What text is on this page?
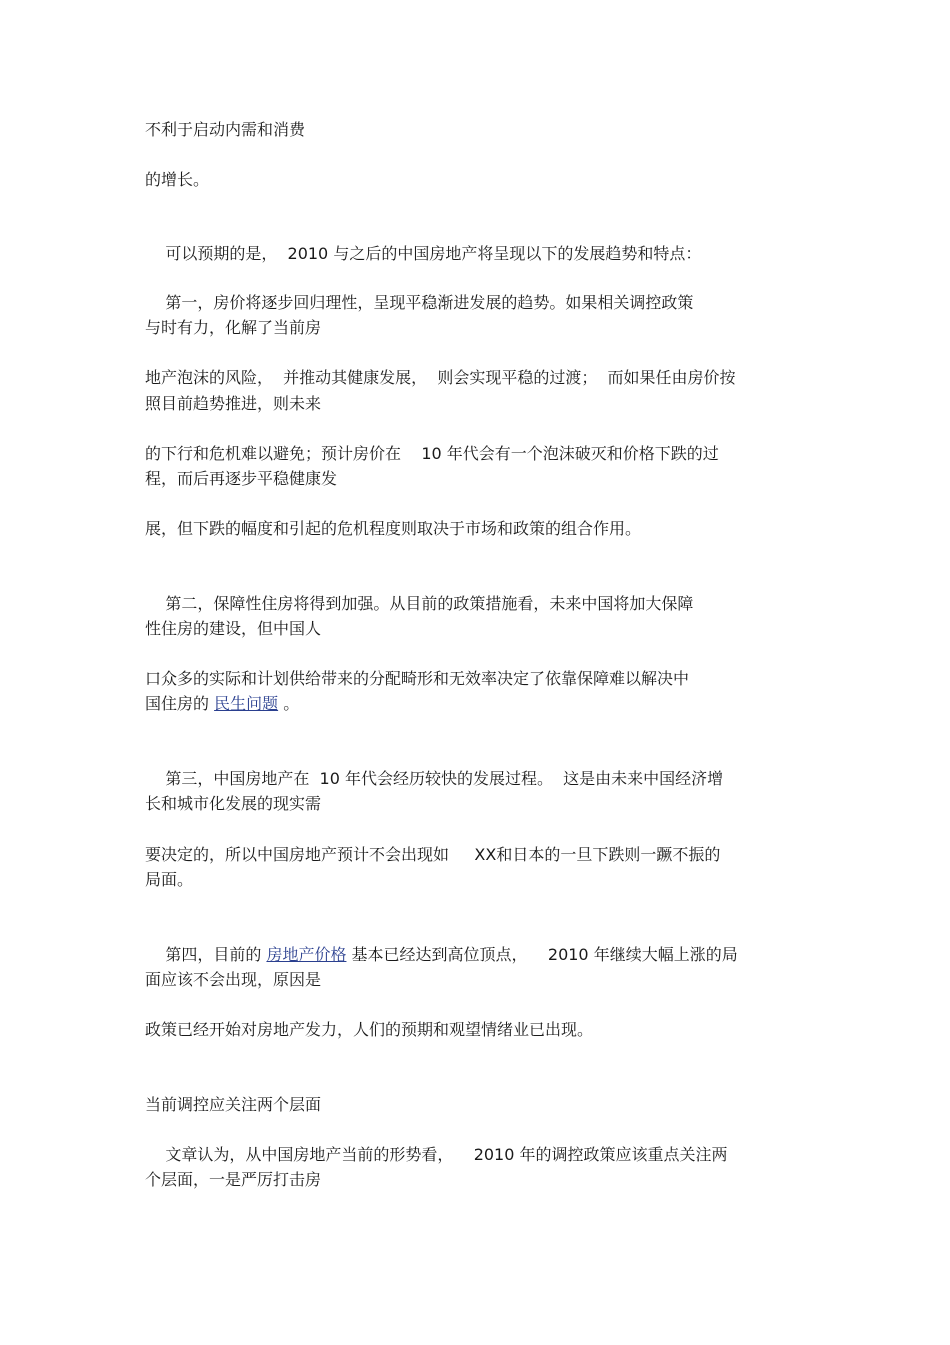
不利于启动内需和消费
的增长。
可以预期的是，  2010 与之后的中国房地产将呈现以下的发展趋势和特点：
第一，房价将逐步回归理性，呈现平稳渐进发展的趋势。如果相关调控政策
与时有力，化解了当前房
地产泡沫的风险，  并推动其健康发展，  则会实现平稳的过渡；  而如果任由房价按
照目前趋势推进，则未来
的下行和危机难以避免；预计房价在    10 年代会有一个泡沫破灭和价格下跌的过
程，而后再逐步平稳健康发
展，但下跌的幅度和引起的危机程度则取决于市场和政策的组合作用。
第二，保障性住房将得到加强。从目前的政策措施看，未来中国将加大保障
性住房的建设，但中国人
口众多的实际和计划供给带来的分配畸形和无效率决定了依靠保障难以解决中
国住房的 民生问题 。
第三，中国房地产在  10 年代会经历较快的发展过程。  这是由未来中国经济增
长和城市化发展的现实需
要决定的，所以中国房地产预计不会出现如     XX和日本的一旦下跌则一蹶不振的
局面。
第四，目前的 房地产价格 基本已经达到高位顶点，    2010 年继续大幅上涨的局
面应该不会出现，原因是
政策已经开始对房地产发力，人们的预期和观望情绪业已出现。
当前调控应关注两个层面
文章认为，从中国房地产当前的形势看，    2010 年的调控政策应该重点关注两
个层面，一是严厉打击房
